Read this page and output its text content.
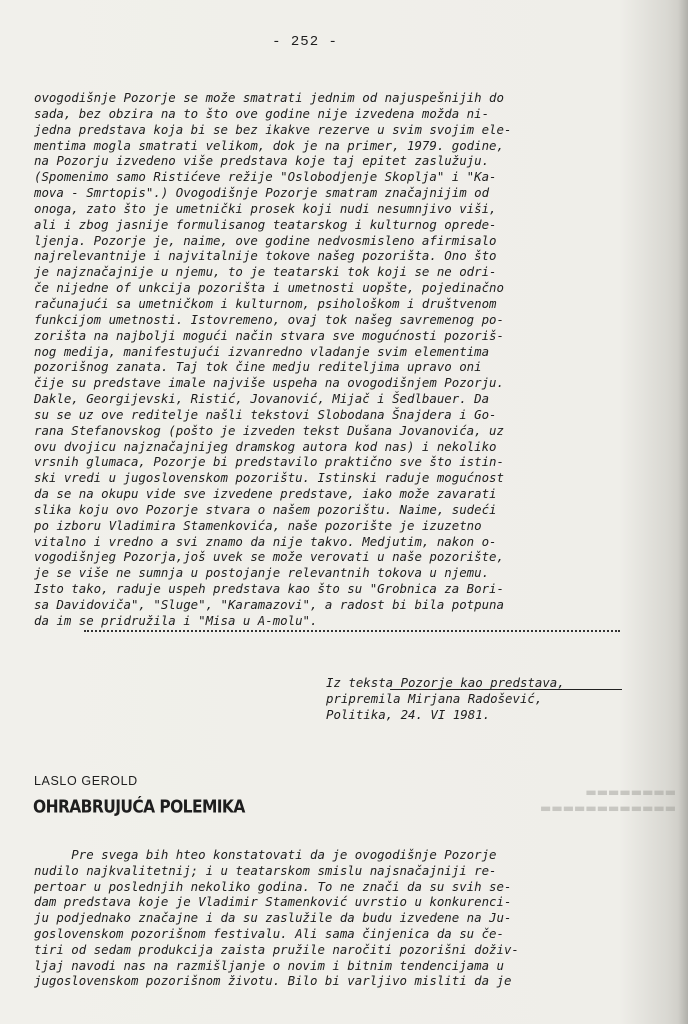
- 252 -
ovogodišnje Pozorje se može smatrati jednim od najuspešnijih do
sada, bez obzira na to što ove godine nije izvedena možda ni-
jedna predstava koja bi se bez ikakve rezerve u svim svojim ele-
mentima mogla smatrati velikom, dok je na primer, 1979. godine,
na Pozorju izvedeno više predstava koje taj epitet zaslužuju.
(Spomenimo samo Ristićeve režije "Oslobodjenje Skoplja" i "Ka-
mova - Smrtopis".) Ovogodišnje Pozorje smatram značajnijim od
onoga, zato što je umetnički prosek koji nudi nesumnjivo viši,
ali i zbog jasnije formulisanog teatarskog i kulturnog opredе-
ljenja. Pozorje je, naime, ove godine nedvosmisleno afirmisalo
najrelevantnije i najvitalnije tokove našeg pozorišta. Ono što
je najznačajnije u njemu, to je teatarski tok koji se ne odri-
če nijedne of unkcija pozorišta i umetnosti uopšte, pojedinačno
računajući sa umetničkom i kulturnom, psihološkom i društvenom
funkcijom umetnosti. Istovremeno, ovaj tok našeg savremenog po-
zorišta na najbolji mogući način stvara sve mogućnosti pozoriš-
nog medija, manifestujući izvanredno vladanje svim elementima
pozorišnog zanata. Taj tok čine medju rediteljima upravo oni
čije su predstave imale najviše uspeha na ovogodišnjem Pozorju.
Dakle, Georgijevski, Ristić, Jovanović, Mijač i Šedlbauer. Da
su se uz ove reditelje našli tekstovi Slobodana Šnajdera i Go-
rana Stefanovskog (pošto je izveden tekst Dušana Jovanovića, uz
ovu dvojicu najznačajnijeg dramskog autora kod nas) i nekoliko
vrsnih glumaca, Pozorje bi predstavilo praktično sve što istin-
ski vredi u jugoslovenskom pozorištu. Istinski raduje mogućnost
da se na okupu vide sve izvedene predstave, iako može zavarati
slika koju ovo Pozorje stvara o našem pozorištu. Naime, sudeći
po izboru Vladimira Stamenkovića, naše pozorište je izuzetno
vitalno i vredno a svi znamo da nije takvo. Medjutim, nakon o-
vogodišnjeg Pozorja,još uvek se može verovati u naše pozorište,
je se više ne sumnja u postojanje relevantnih tokova u njemu.
Isto tako, raduje uspeh predstava kao što su "Grobnica za Bori-
sa Davidoviča", "Sluge", "Karamazovi", a radost bi bila potpuna
da im se pridružila i "Misa u A-molu".
Iz teksta Pozorje kao predstava,
pripremila Mirjana Radošević,
Politika, 24. VI 1981.
▬▬▬▬▬▬▬▬
▬▬▬▬▬▬▬▬▬▬▬▬
LASLO GEROLD
OHRABRUJUĆA POLEMIKA
Pre svega bih hteo konstatovati da je ovogodišnje Pozorje
nudilo najkvalitetnij; i u teatarskom smislu najsnačajniji re-
pertoar u poslednjih nekoliko godina. To ne znači da su svih se-
dam predstava koje je Vladimir Stamenković uvrstio u konkurenci-
ju podjednako značajne i da su zaslužile da budu izvedene na Ju-
goslovenskom pozorišnom festivalu. Ali sama činjenica da su če-
tiri od sedam produkcija zaista pružile naročiti pozorišni doživ-
ljaj navodi nas na razmišljanje o novim i bitnim tendencijama u
jugoslovenskom pozorišnom životu. Bilo bi varljivo misliti da je
